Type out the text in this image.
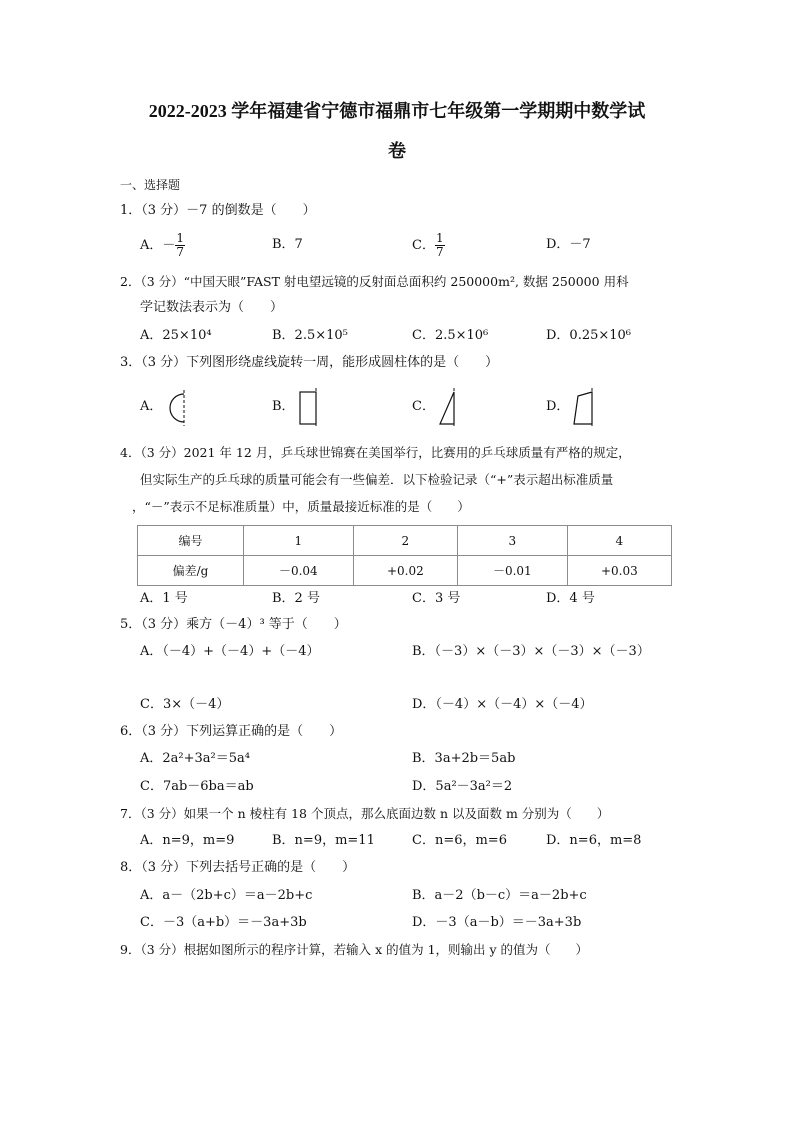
2022-2023 学年福建省宁德市福鼎市七年级第一学期期中数学试
卷
一、选择题
1．（3 分）－7 的倒数是（　　）
A．－ $\frac{1}{7}$	B．7	C． $\frac{1}{7}$	D．－7
2．（3 分）“中国天眼”FAST 射电望远镜的反射面总面积约 250000m², 数据 250000 用科
学记数法表示为（　　）
A．25×10⁴	B．2.5×10⁵	C．2.5×10⁶	D．0.25×10⁶
3．（3 分）下列图形绕虚线旋转一周，能形成圆柱体的是（　　）
A．	B．	C．	D．
4．（3 分）2021 年 12 月，乒乓球世锦赛在美国举行，比赛用的乒乓球质量有严格的规定，
但实际生产的乒乓球的质量可能会有一些偏差．以下检验记录（“+”表示超出标准质量
，“－”表示不足标准质量）中，质量最接近标准的是（　　）
编号	1	2	3	4
偏差/g	－0.04	+0.02	－0.01	+0.03
A．1 号	B．2 号	C．3 号	D．4 号
5．（3 分）乘方（－4）³ 等于（　　）
A．（－4）+（－4）+（－4）	B．（－3）×（－3）×（－3）×（－3）
C．3×（－4）	D．（－4）×（－4）×（－4）
6．（3 分）下列运算正确的是（　　）
A．2a²+3a²＝5a⁴	B．3a+2b＝5ab
C．7ab－6ba＝ab	D．5a²－3a²＝2
7．（3 分）如果一个 n 棱柱有 18 个顶点，那么底面边数 n 以及面数 m 分别为（　　）
A．n=9，m=9	B．n=9，m=11	C．n=6，m=6	D．n=6，m=8
8．（3 分）下列去括号正确的是（　　）
A．a－（2b+c）＝a－2b+c	B．a－2（b－c）＝a－2b+c
C．－3（a+b）＝－3a+3b	D．－3（a－b）＝－3a+3b
9．（3 分）根据如图所示的程序计算，若输入 x 的值为 1，则输出 y 的值为（　　）
